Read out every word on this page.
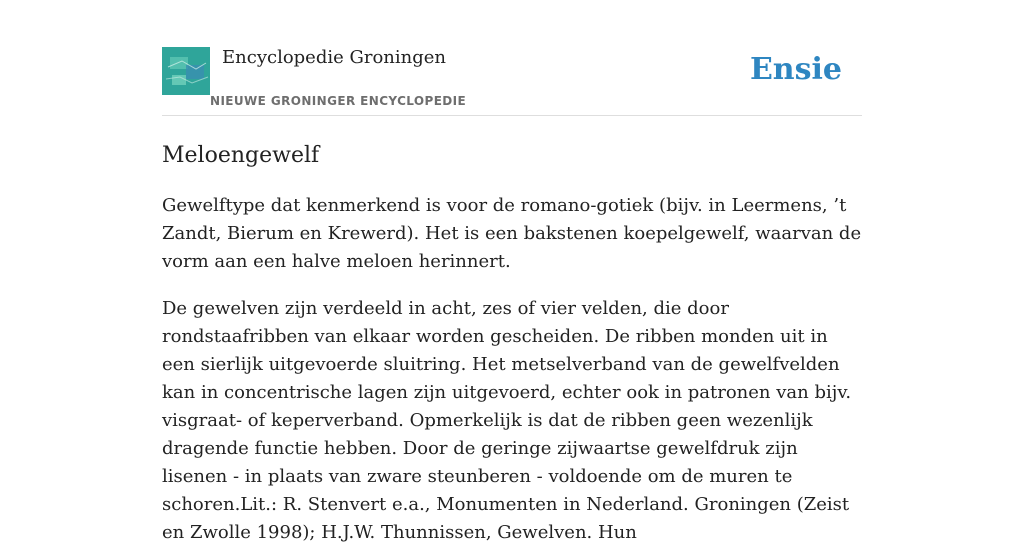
Encyclopedie Groningen
NIEUWE GRONINGER ENCYCLOPEDIE
Ensie
Meloengewelf

Gewelftype dat kenmerkend is voor de romano-gotiek (bijv. in Leermens, ’t Zandt, Bierum en Krewerd). Het is een bakstenen koepelgewelf, waarvan de vorm aan een halve meloen herinnert.

De gewelven zijn verdeeld in acht, zes of vier velden, die door rondstaafribben van elkaar worden gescheiden. De ribben monden uit in een sierlijk uitgevoerde sluitring. Het metselverband van de gewelfvelden kan in concentrische lagen zijn uitgevoerd, echter ook in patronen van bijv. visgraat- of keperverband. Opmerkelijk is dat de ribben geen wezenlijk dragende functie hebben. Door de geringe zijwaartse gewelfdruk zijn lisenen - in plaats van zware steunberen - voldoende om de muren te schoren.Lit.: R. Stenvert e.a., Monumenten in Nederland. Groningen (Zeist en Zwolle 1998); H.J.W. Thunnissen, Gewelven. Hun
